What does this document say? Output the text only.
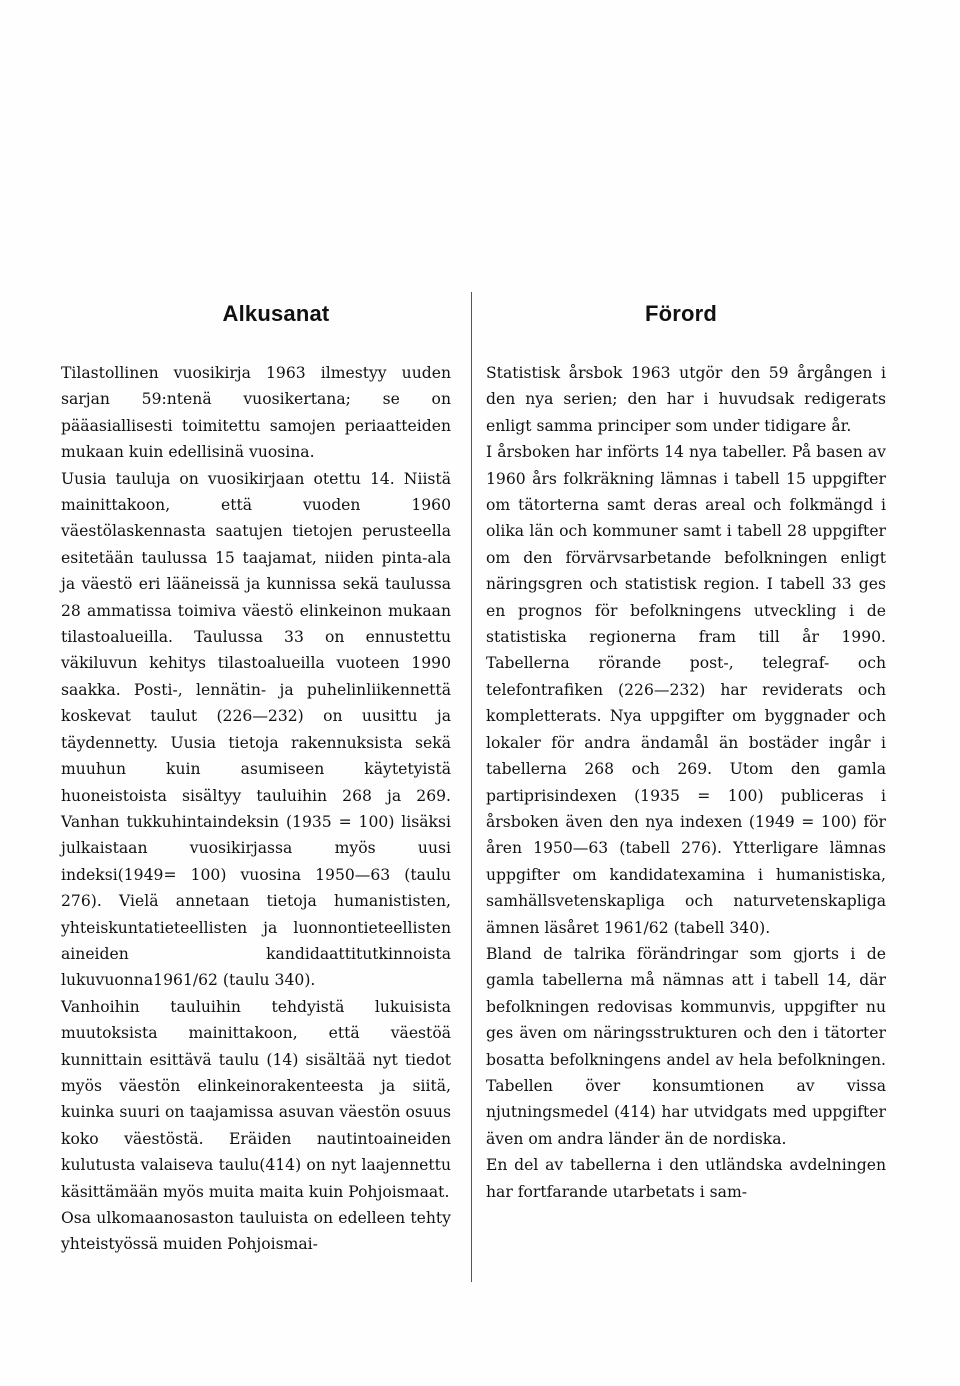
Alkusanat

Tilastollinen vuosikirja 1963 ilmestyy uuden sarjan 59:ntenä vuosikertana; se on pääasiallisesti toimitettu samojen periaatteiden mukaan kuin edellisinä vuosina.

Uusia tauluja on vuosikirjaan otettu 14. Niistä mainittakoon, että vuoden 1960 väestölaskennasta saatujen tietojen perusteella esitetään taulussa 15 taajamat, niiden pinta-ala ja väestö eri lääneissä ja kunnissa sekä taulussa 28 ammatissa toimiva väestö elinkeinon mukaan tilastoalueilla. Taulussa 33 on ennustettu väkiluvun kehitys tilastoalueilla vuoteen 1990 saakka. Posti-, lennätin- ja puhelinliikennettä koskevat taulut (226—232) on uusittu ja täydennetty. Uusia tietoja rakennuksista sekä muuhun kuin asumiseen käytetyistä huoneistoista sisältyy tauluihin 268 ja 269. Vanhan tukkuhintaindeksin (1935 = 100) lisäksi julkaistaan vuosikirjassa myös uusi indeksi(1949= 100) vuosina 1950—63 (taulu 276). Vielä annetaan tietoja humanististen, yhteiskuntatieteellisten ja luonnontieteellisten aineiden kandidaattitutkinnoista lukuvuonna1961/62 (taulu 340).

Vanhoihin tauluihin tehdyistä lukuisista muutoksista mainittakoon, että väestöä kunnittain esittävä taulu (14) sisältää nyt tiedot myös väestön elinkeinorakenteesta ja siitä, kuinka suuri on taajamissa asuvan väestön osuus koko väestöstä. Eräiden nautintoaineiden kulutusta valaiseva taulu(414) on nyt laajennettu käsittämään myös muita maita kuin Pohjoismaat.

Osa ulkomaanosaston tauluista on edelleen tehty yhteistyössä muiden Pohjoismai-

Förord

Statistisk årsbok 1963 utgör den 59 årgången i den nya serien; den har i huvudsak redigerats enligt samma principer som under tidigare år.

I årsboken har införts 14 nya tabeller. På basen av 1960 års folkräkning lämnas i tabell 15 uppgifter om tätorterna samt deras areal och folkmängd i olika län och kommuner samt i tabell 28 uppgifter om den förvärvsarbetande befolkningen enligt näringsgren och statistisk region. I tabell 33 ges en prognos för befolkningens utveckling i de statistiska regionerna fram till år 1990. Tabellerna rörande post-, telegraf- och telefontrafiken (226—232) har reviderats och kompletterats. Nya uppgifter om byggnader och lokaler för andra ändamål än bostäder ingår i tabellerna 268 och 269. Utom den gamla partiprisindexen (1935 = 100) publiceras i årsboken även den nya indexen (1949 = 100) för åren 1950—63 (tabell 276). Ytterligare lämnas uppgifter om kandidatexamina i humanistiska, samhällsvetenskapliga och naturvetenskapliga ämnen läsåret 1961/62 (tabell 340).

Bland de talrika förändringar som gjorts i de gamla tabellerna må nämnas att i tabell 14, där befolkningen redovisas kommunvis, uppgifter nu ges även om näringsstrukturen och den i tätorter bosatta befolkningens andel av hela befolkningen. Tabellen över konsumtionen av vissa njutningsmedel (414) har utvidgats med uppgifter även om andra länder än de nordiska.

En del av tabellerna i den utländska avdelningen har fortfarande utarbetats i sam-
